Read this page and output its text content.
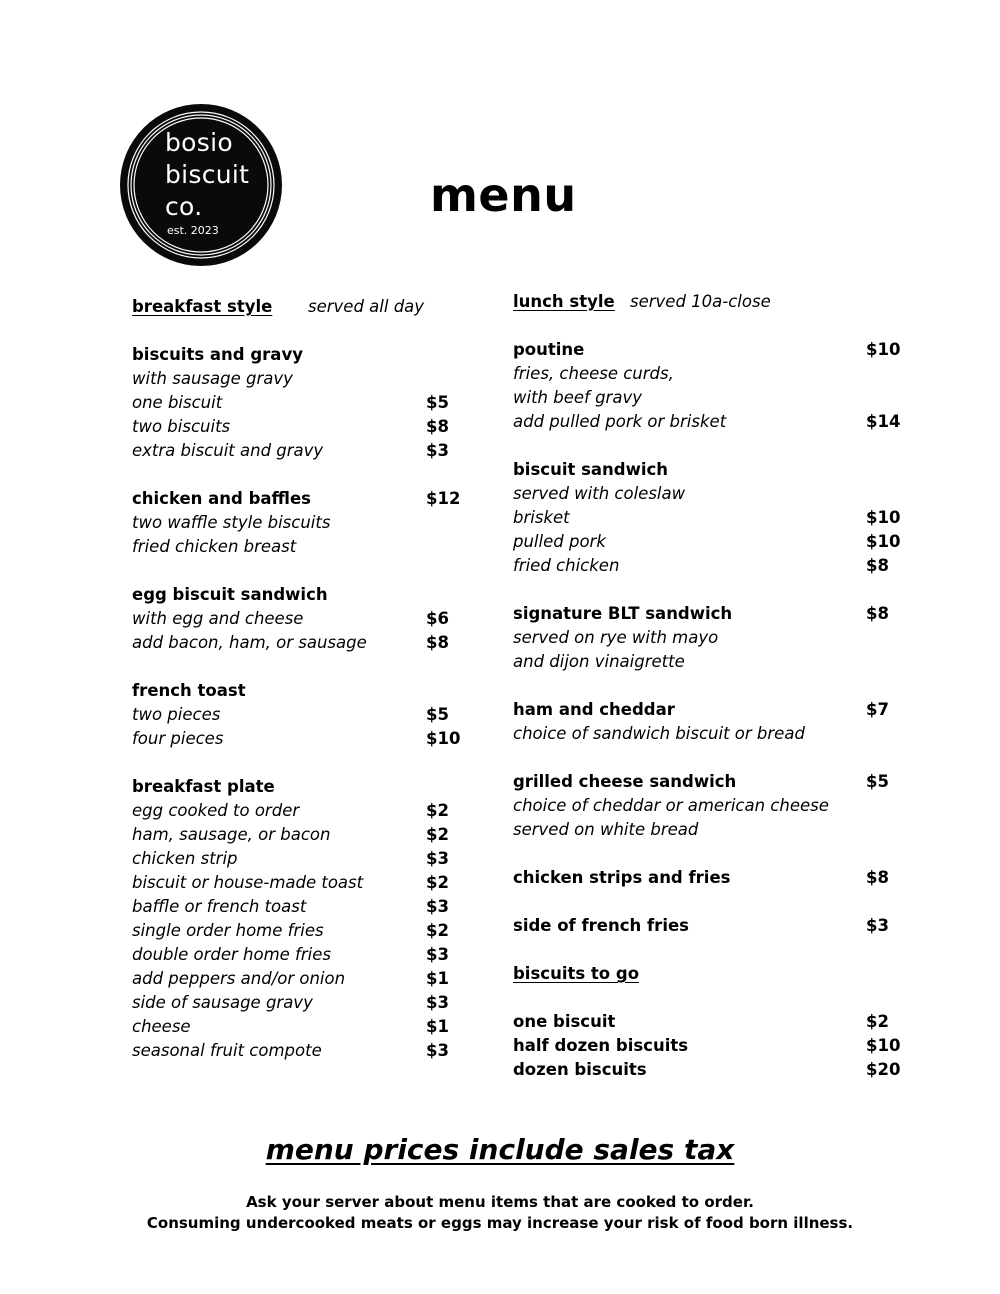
bosio
biscuit
co.
est. 2023
menu
breakfast style served all day
biscuits and gravy
with sausage gravy
one biscuit	$5
two biscuits	$8
extra biscuit and gravy	$3
chicken and baffles	$12
two waffle style biscuits
fried chicken breast
egg biscuit sandwich
with egg and cheese	$6
add bacon, ham, or sausage	$8
french toast
two pieces	$5
four pieces	$10
breakfast plate
egg cooked to order	$2
ham, sausage, or bacon	$2
chicken strip	$3
biscuit or house-made toast	$2
baffle or french toast	$3
single order home fries	$2
double order home fries	$3
add peppers and/or onion	$1
side of sausage gravy	$3
cheese	$1
seasonal fruit compote	$3
lunch style served 10a-close
poutine	$10
fries, cheese curds,
with beef gravy
add pulled pork or brisket	$14
biscuit sandwich
served with coleslaw
brisket	$10
pulled pork	$10
fried chicken	$8
signature BLT sandwich	$8
served on rye with mayo
and dijon vinaigrette
ham and cheddar	$7
choice of sandwich biscuit or bread
grilled cheese sandwich	$5
choice of cheddar or american cheese
served on white bread
chicken strips and fries	$8
side of french fries	$3
biscuits to go
one biscuit	$2
half dozen biscuits	$10
dozen biscuits	$20
menu prices include sales tax
Ask your server about menu items that are cooked to order.
Consuming undercooked meats or eggs may increase your risk of food born illness.
